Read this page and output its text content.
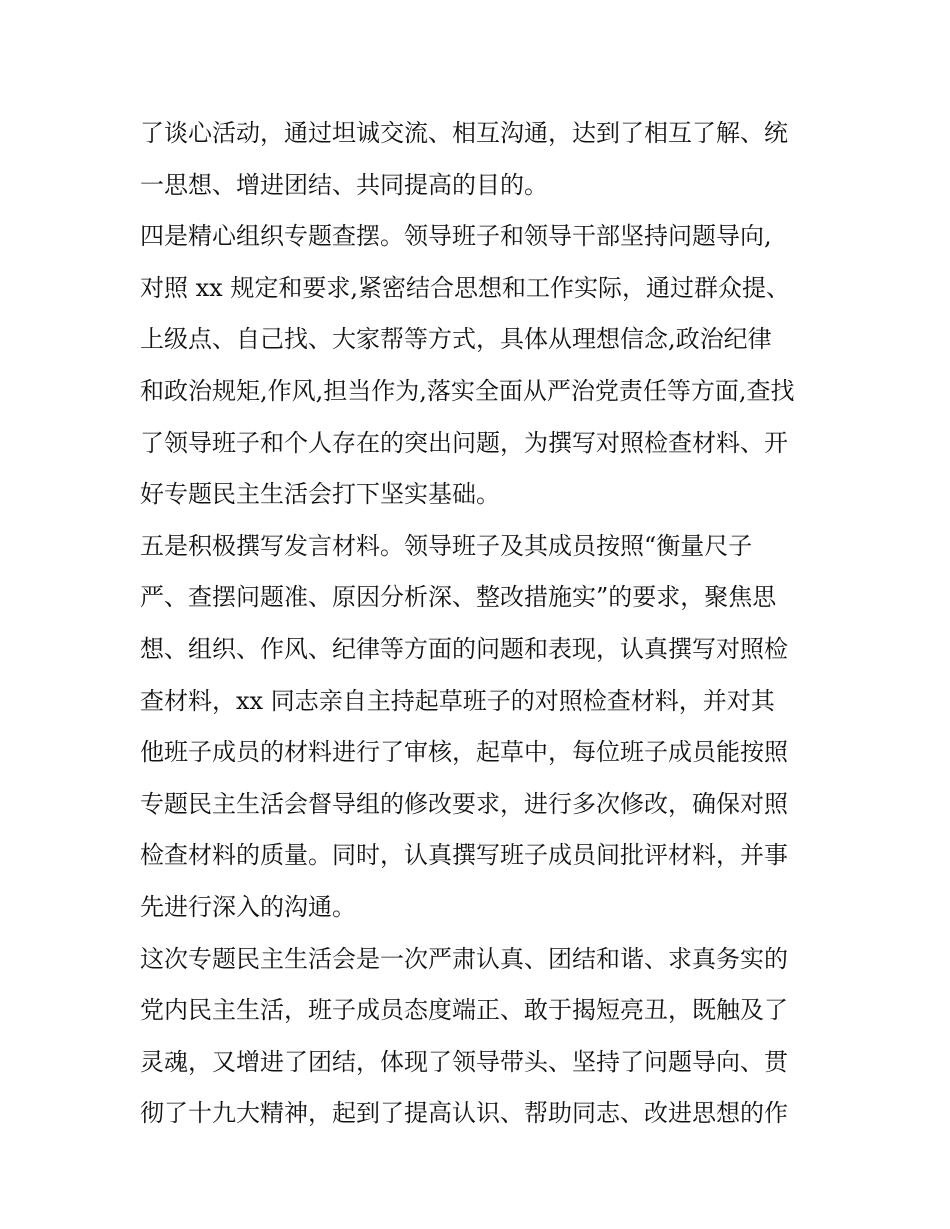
了谈心活动，通过坦诚交流、相互沟通，达到了相互了解、统
一思想、增进团结、共同提高的目的。
四是精心组织专题查摆。领导班子和领导干部坚持问题导向,
对照 xx 规定和要求,紧密结合思想和工作实际，通过群众提、
上级点、自己找、大家帮等方式，具体从理想信念,政治纪律
和政治规矩,作风,担当作为,落实全面从严治党责任等方面,查找
了领导班子和个人存在的突出问题，为撰写对照检查材料、开
好专题民主生活会打下坚实基础。
五是积极撰写发言材料。领导班子及其成员按照“衡量尺子
严、查摆问题准、原因分析深、整改措施实”的要求，聚焦思
想、组织、作风、纪律等方面的问题和表现，认真撰写对照检
查材料，xx 同志亲自主持起草班子的对照检查材料，并对其
他班子成员的材料进行了审核，起草中，每位班子成员能按照
专题民主生活会督导组的修改要求，进行多次修改，确保对照
检查材料的质量。同时，认真撰写班子成员间批评材料，并事
先进行深入的沟通。
这次专题民主生活会是一次严肃认真、团结和谐、求真务实的
党内民主生活，班子成员态度端正、敢于揭短亮丑，既触及了
灵魂，又增进了团结，体现了领导带头、坚持了问题导向、贯
彻了十九大精神，起到了提高认识、帮助同志、改进思想的作
